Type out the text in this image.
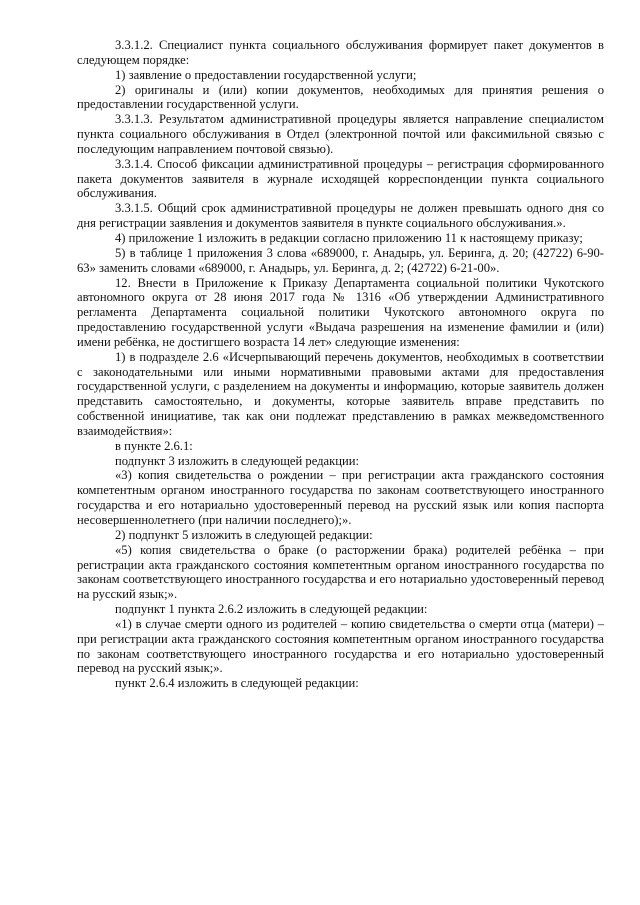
3.3.1.2. Специалист пункта социального обслуживания формирует пакет документов в следующем порядке:

1) заявление о предоставлении государственной услуги;

2) оригиналы и (или) копии документов, необходимых для принятия решения о предоставлении государственной услуги.

3.3.1.3. Результатом административной процедуры является направление специалистом пункта социального обслуживания в Отдел (электронной почтой или факсимильной связью с последующим направлением почтовой связью).

3.3.1.4. Способ фиксации административной процедуры – регистрация сформированного пакета документов заявителя в журнале исходящей корреспонденции пункта социального обслуживания.

3.3.1.5. Общий срок административной процедуры не должен превышать одного дня со дня регистрации заявления и документов заявителя в пункте социального обслуживания.».

4) приложение 1 изложить в редакции согласно приложению 11 к настоящему приказу;

5) в таблице 1 приложения 3 слова «689000, г. Анадырь, ул. Беринга, д. 20; (42722) 6-90-63» заменить словами «689000, г. Анадырь, ул. Беринга, д. 2; (42722) 6-21-00».

12. Внести в Приложение к Приказу Департамента социальной политики Чукотского автономного округа от 28 июня 2017 года № 1316 «Об утверждении Административного регламента Департамента социальной политики Чукотского автономного округа по предоставлению государственной услуги «Выдача разрешения на изменение фамилии и (или) имени ребёнка, не достигшего возраста 14 лет» следующие изменения:

1) в подразделе 2.6 «Исчерпывающий перечень документов, необходимых в соответствии с законодательными или иными нормативными правовыми актами для предоставления государственной услуги, с разделением на документы и информацию, которые заявитель должен представить самостоятельно, и документы, которые заявитель вправе представить по собственной инициативе, так как они подлежат представлению в рамках межведомственного взаимодействия»:

в пункте 2.6.1:

подпункт 3 изложить в следующей редакции:

«3) копия свидетельства о рождении – при регистрации акта гражданского состояния компетентным органом иностранного государства по законам соответствующего иностранного государства и его нотариально удостоверенный перевод на русский язык или копия паспорта несовершеннолетнего (при наличии последнего);».

2) подпункт 5 изложить в следующей редакции:

«5) копия свидетельства о браке (о расторжении брака) родителей ребёнка – при регистрации акта гражданского состояния компетентным органом иностранного государства по законам соответствующего иностранного государства и его нотариально удостоверенный перевод на русский язык;».

подпункт 1 пункта 2.6.2 изложить в следующей редакции:

«1) в случае смерти одного из родителей – копию свидетельства о смерти отца (матери) – при регистрации акта гражданского состояния компетентным органом иностранного государства по законам соответствующего иностранного государства и его нотариально удостоверенный перевод на русский язык;».

пункт 2.6.4 изложить в следующей редакции:
